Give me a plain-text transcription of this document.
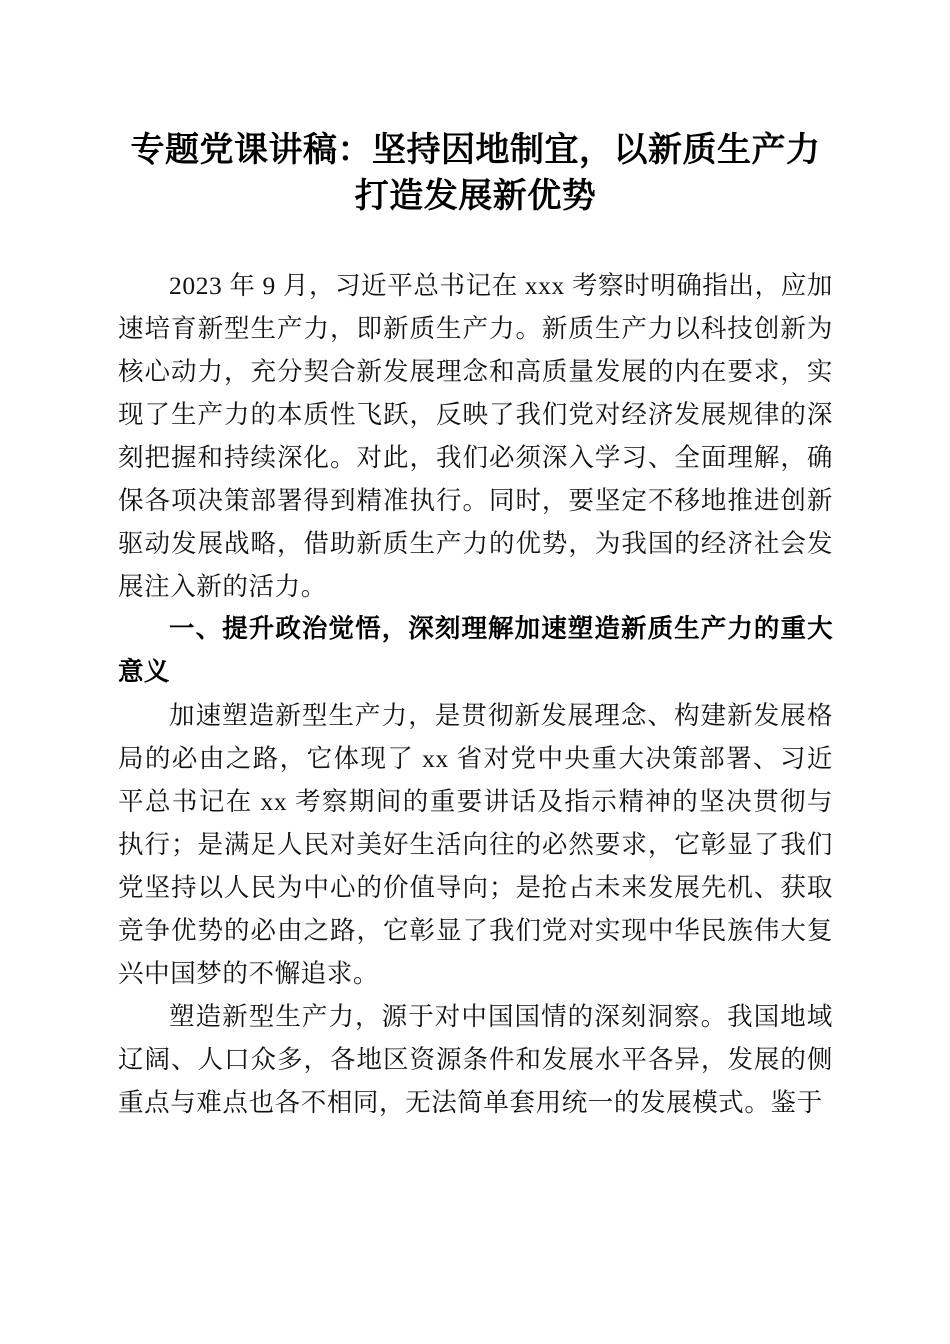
专题党课讲稿：坚持因地制宜，以新质生产力
打造发展新优势

2023 年 9 月，习近平总书记在 xxx 考察时明确指出，应加速培育新型生产力，即新质生产力。新质生产力以科技创新为核心动力，充分契合新发展理念和高质量发展的内在要求，实现了生产力的本质性飞跃，反映了我们党对经济发展规律的深刻把握和持续深化。对此，我们必须深入学习、全面理解，确保各项决策部署得到精准执行。同时，要坚定不移地推进创新驱动发展战略，借助新质生产力的优势，为我国的经济社会发展注入新的活力。

一、提升政治觉悟，深刻理解加速塑造新质生产力的重大意义

加速塑造新型生产力，是贯彻新发展理念、构建新发展格局的必由之路，它体现了 xx 省对党中央重大决策部署、习近平总书记在 xx 考察期间的重要讲话及指示精神的坚决贯彻与执行；是满足人民对美好生活向往的必然要求，它彰显了我们党坚持以人民为中心的价值导向；是抢占未来发展先机、获取竞争优势的必由之路，它彰显了我们党对实现中华民族伟大复兴中国梦的不懈追求。

塑造新型生产力，源于对中国国情的深刻洞察。我国地域辽阔、人口众多，各地区资源条件和发展水平各异，发展的侧重点与难点也各不相同，无法简单套用统一的发展模式。鉴于
